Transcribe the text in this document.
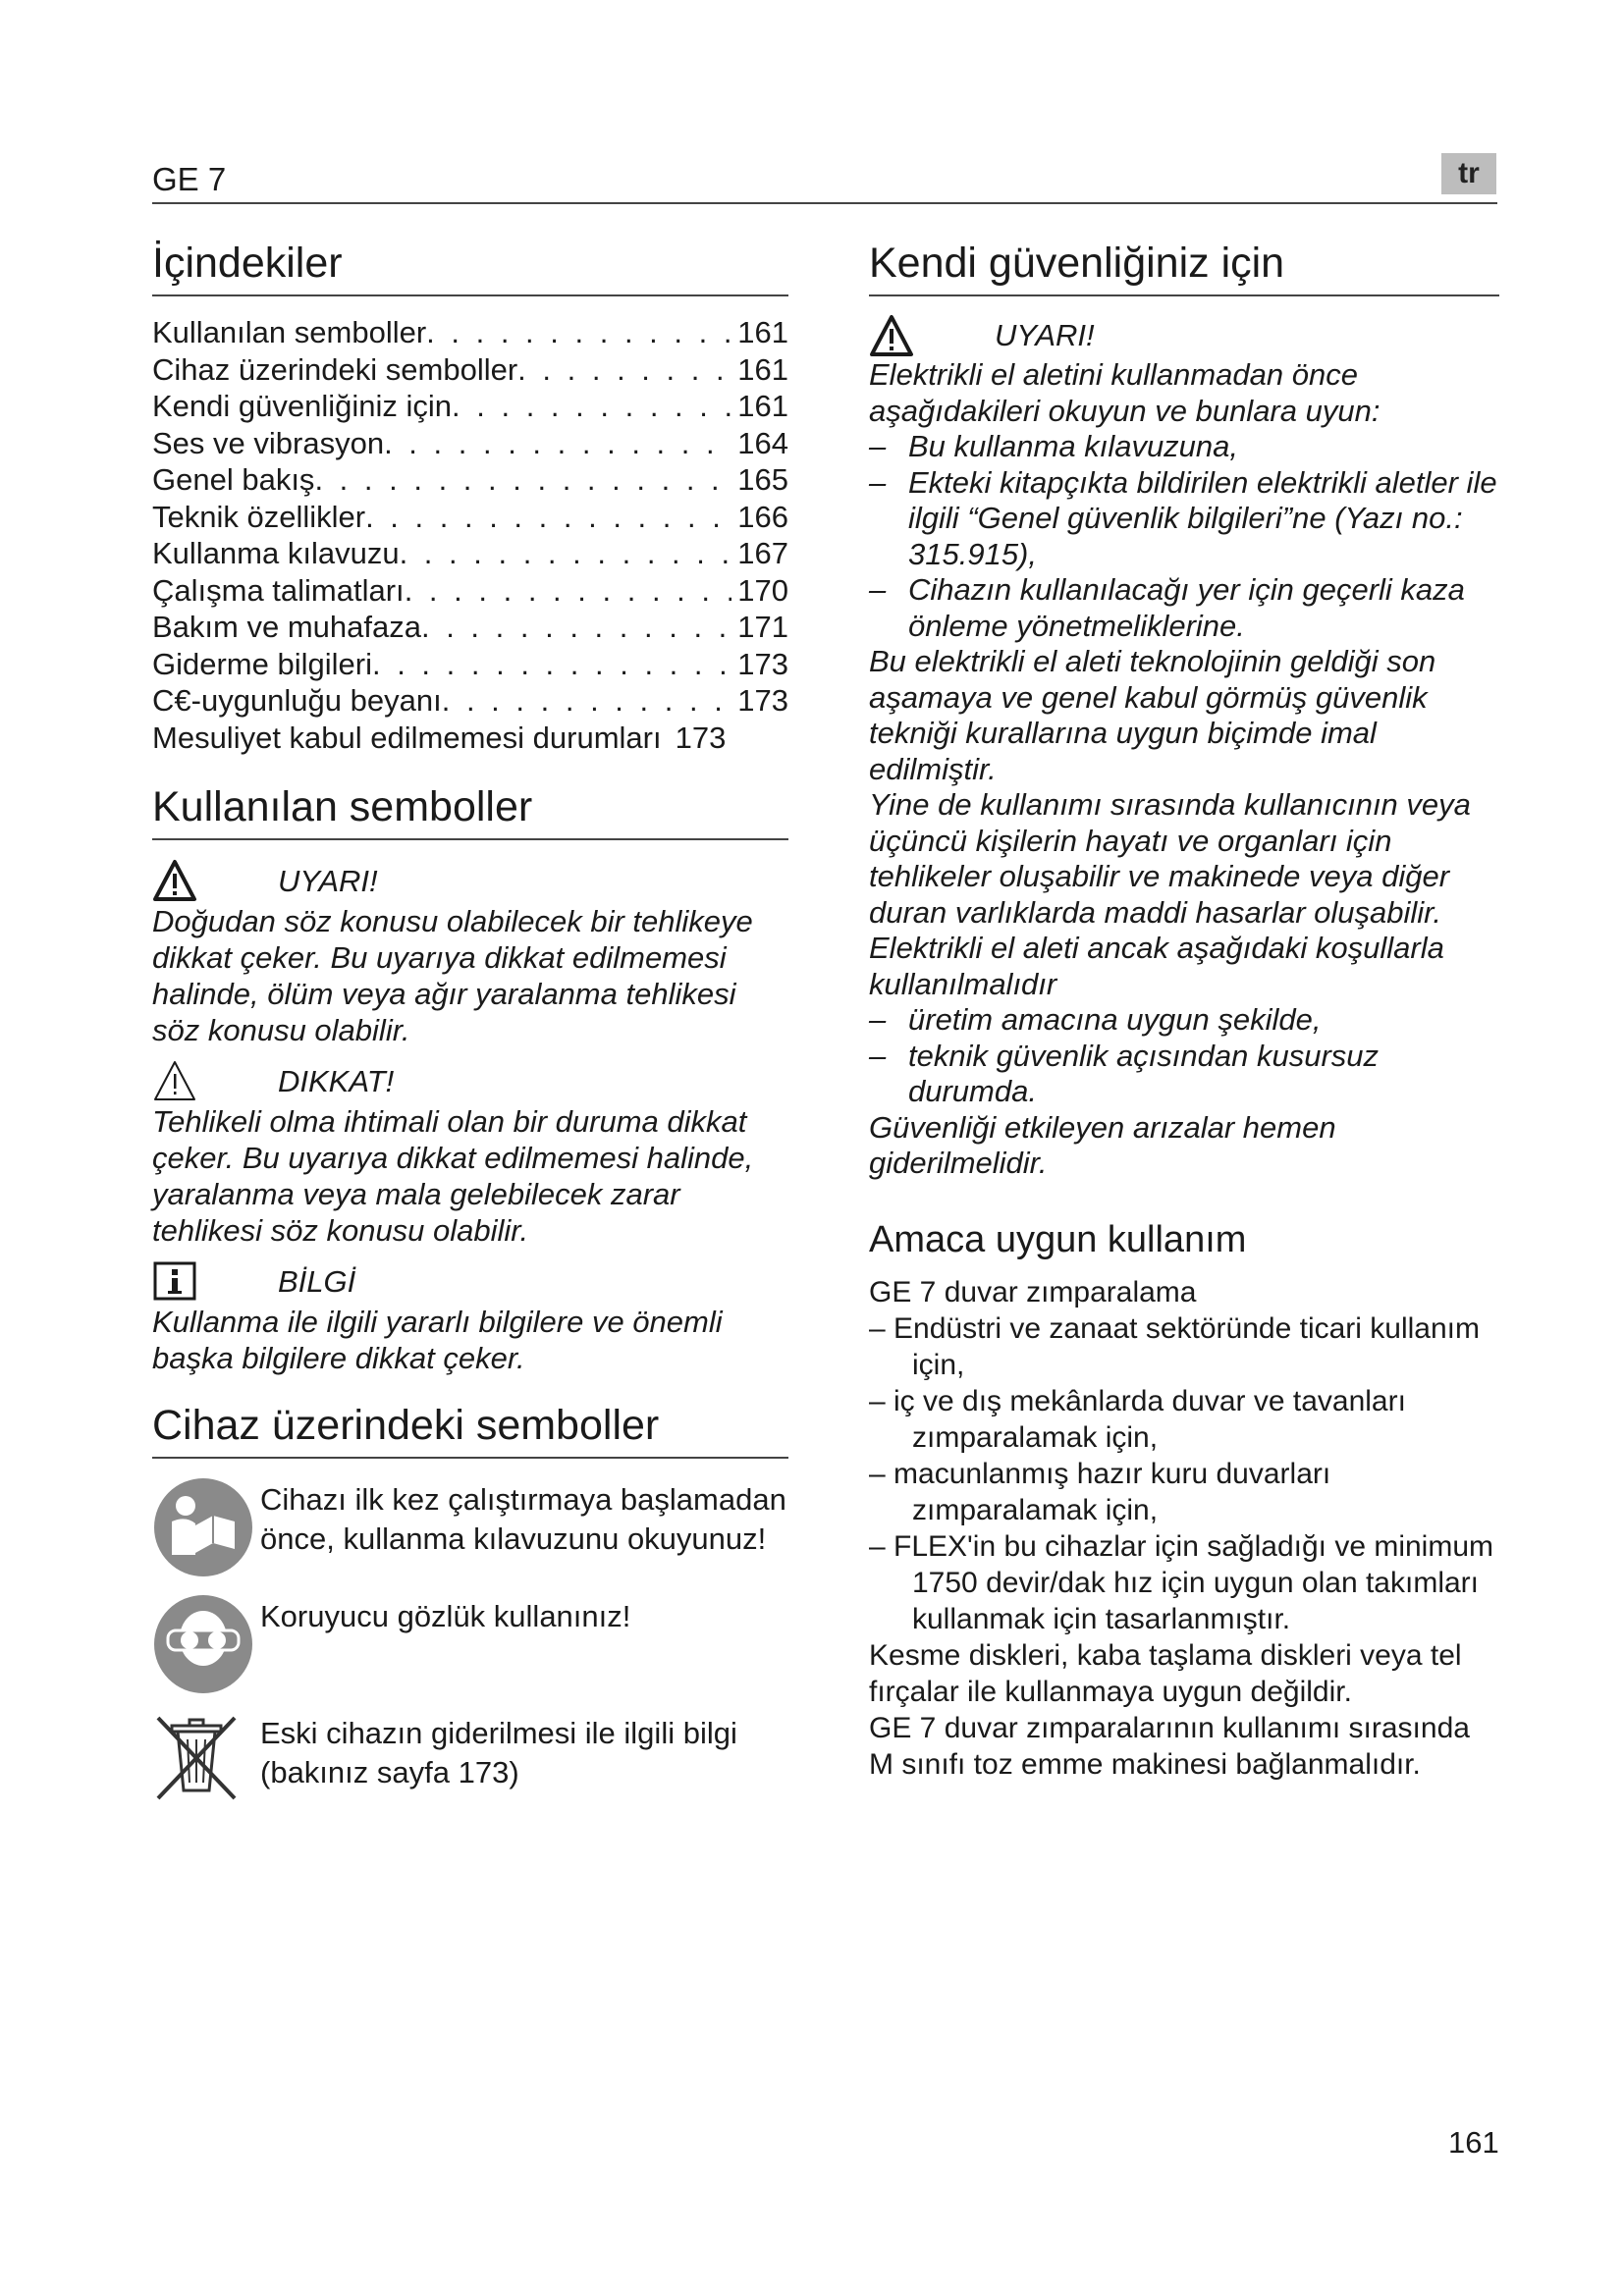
GE 7	tr
İçindekiler
Kullanılan semboller . . .	161
Cihaz üzerindeki semboller . . .	161
Kendi güvenliğiniz için . . .	161
Ses ve vibrasyon . . .	164
Genel bakış . . .	165
Teknik özellikler . . .	166
Kullanma kılavuzu . . .	167
Çalışma talimatları . . .	170
Bakım ve muhafaza . . .	171
Giderme bilgileri . . .	173
C€-uygunluğu beyanı . . .	173
Mesuliyet kabul edilmemesi durumları 173
Kullanılan semboller
UYARI!
Doğudan söz konusu olabilecek bir tehlikeye dikkat çeker. Bu uyarıya dikkat edilmemesi halinde, ölüm veya ağır yaralanma tehlikesi söz konusu olabilir.
DIKKAT!
Tehlikeli olma ihtimali olan bir duruma dikkat çeker. Bu uyarıya dikkat edilmemesi halinde, yaralanma veya mala gelebilecek zarar tehlikesi söz konusu olabilir.
BİLGİ
Kullanma ile ilgili yararlı bilgilere ve önemli başka bilgilere dikkat çeker.
Cihaz üzerindeki semboller
Cihazı ilk kez çalıştırmaya başlamadan önce, kullanma kılavuzunu okuyunuz!
Koruyucu gözlük kullanınız!
Eski cihazın giderilmesi ile ilgili bilgi (bakınız sayfa 173)
Kendi güvenliğiniz için
UYARI!
Elektrikli el aletini kullanmadan önce aşağıdakileri okuyun ve bunlara uyun:
– Bu kullanma kılavuzuna,
– Ekteki kitapçıkta bildirilen elektrikli aletler ile ilgili “Genel güvenlik bilgileri”ne (Yazı no.: 315.915),
– Cihazın kullanılacağı yer için geçerli kaza önleme yönetmeliklerine.
Bu elektrikli el aleti teknolojinin geldiği son aşamaya ve genel kabul görmüş güvenlik tekniği kurallarına uygun biçimde imal edilmiştir.
Yine de kullanımı sırasında kullanıcının veya üçüncü kişilerin hayatı ve organları için tehlikeler oluşabilir ve makinede veya diğer duran varlıklarda maddi hasarlar oluşabilir.
Elektrikli el aleti ancak aşağıdaki koşullarla kullanılmalıdır
– üretim amacına uygun şekilde,
– teknik güvenlik açısından kusursuz durumda.
Güvenliği etkileyen arızalar hemen giderilmelidir.
Amaca uygun kullanım
GE 7 duvar zımparalama
– Endüstri ve zanaat sektöründe ticari kullanım için,
– iç ve dış mekânlarda duvar ve tavanları zımparalamak için,
– macunlanmış hazır kuru duvarları zımparalamak için,
– FLEX'in bu cihazlar için sağladığı ve minimum 1750 devir/dak hız için uygun olan takımları kullanmak için tasarlanmıştır.
Kesme diskleri, kaba taşlama diskleri veya tel fırçalar ile kullanmaya uygun değildir.
GE 7 duvar zımparalarının kullanımı sırasında M sınıfı toz emme makinesi bağlanmalıdır.
161
